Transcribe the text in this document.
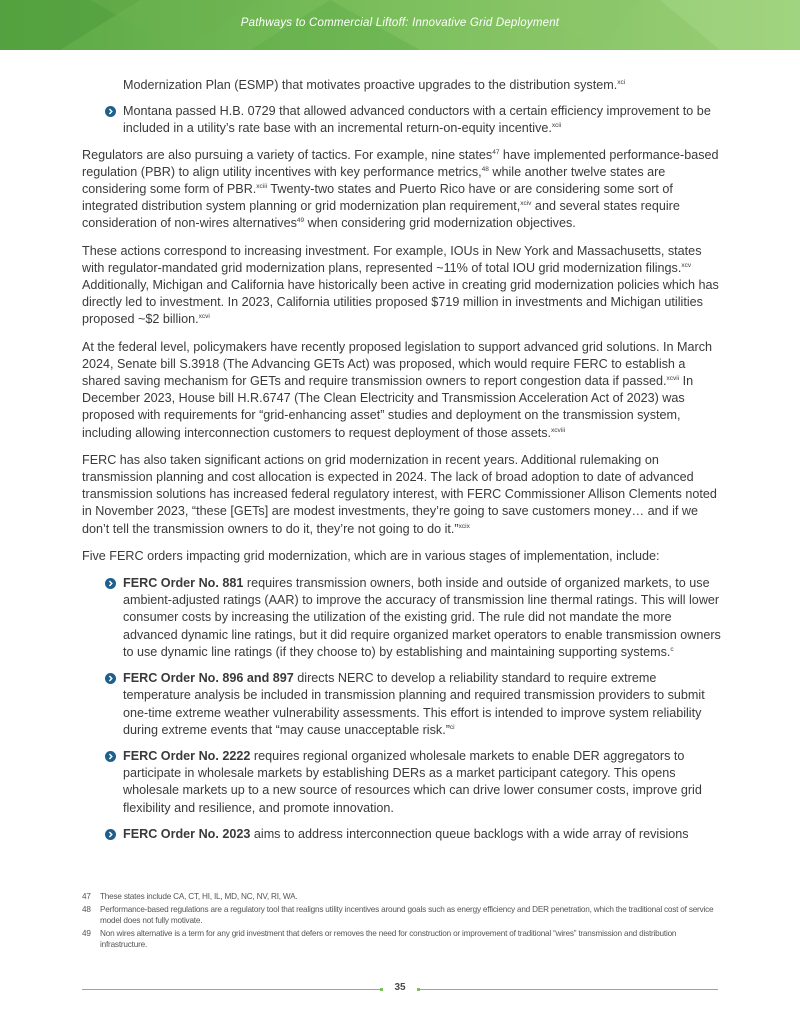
Pathways to Commercial Liftoff: Innovative Grid Deployment

Modernization Plan (ESMP) that motivates proactive upgrades to the distribution system.$^{xci}$

Montana passed H.B. 0729 that allowed advanced conductors with a certain efficiency improvement to be included in a utility’s rate base with an incremental return-on-equity incentive.$^{xcii}$

Regulators are also pursuing a variety of tactics. For example, nine states$^{47}$ have implemented performance-based regulation (PBR) to align utility incentives with key performance metrics,$^{48}$ while another twelve states are considering some form of PBR.$^{xciii}$ Twenty-two states and Puerto Rico have or are considering some sort of integrated distribution system planning or grid modernization plan requirement,$^{xciv}$ and several states require consideration of non-wires alternatives$^{49}$ when considering grid modernization objectives.

These actions correspond to increasing investment. For example, IOUs in New York and Massachusetts, states with regulator-mandated grid modernization plans, represented ~11% of total IOU grid modernization filings.$^{xcv}$ Additionally, Michigan and California have historically been active in creating grid modernization policies which has directly led to investment. In 2023, California utilities proposed $719 million in investments and Michigan utilities proposed ~$2 billion.$^{xcvi}$

At the federal level, policymakers have recently proposed legislation to support advanced grid solutions. In March 2024, Senate bill S.3918 (The Advancing GETs Act) was proposed, which would require FERC to establish a shared saving mechanism for GETs and require transmission owners to report congestion data if passed.$^{xcvii}$ In December 2023, House bill H.R.6747 (The Clean Electricity and Transmission Acceleration Act of 2023) was proposed with requirements for “grid-enhancing asset” studies and deployment on the transmission system, including allowing interconnection customers to request deployment of those assets.$^{xcviii}$

FERC has also taken significant actions on grid modernization in recent years. Additional rulemaking on transmission planning and cost allocation is expected in 2024. The lack of broad adoption to date of advanced transmission solutions has increased federal regulatory interest, with FERC Commissioner Allison Clements noted in November 2023, “these [GETs] are modest investments, they’re going to save customers money… and if we don’t tell the transmission owners to do it, they’re not going to do it.”$^{xcix}$

Five FERC orders impacting grid modernization, which are in various stages of implementation, include:

FERC Order No. 881 requires transmission owners, both inside and outside of organized markets, to use ambient-adjusted ratings (AAR) to improve the accuracy of transmission line thermal ratings. This will lower consumer costs by increasing the utilization of the existing grid. The rule did not mandate the more advanced dynamic line ratings, but it did require organized market operators to enable transmission owners to use dynamic line ratings (if they choose to) by establishing and maintaining supporting systems.$^c$
FERC Order No. 896 and 897 directs NERC to develop a reliability standard to require extreme temperature analysis be included in transmission planning and required transmission providers to submit one-time extreme weather vulnerability assessments. This effort is intended to improve system reliability during extreme events that “may cause unacceptable risk.”$^{ci}$
FERC Order No. 2222 requires regional organized wholesale markets to enable DER aggregators to participate in wholesale markets by establishing DERs as a market participant category. This opens wholesale markets up to a new source of resources which can drive lower consumer costs, improve grid flexibility and resilience, and promote innovation.
FERC Order No. 2023 aims to address interconnection queue backlogs with a wide array of revisions
47 These states include CA, CT, HI, IL, MD, NC, NV, RI, WA.
48 Performance-based regulations are a regulatory tool that realigns utility incentives around goals such as energy efficiency and DER penetration, which the traditional cost of service model does not fully motivate.
49 Non wires alternative is a term for any grid investment that defers or removes the need for construction or improvement of traditional “wires” transmission and distribution infrastructure.
35
